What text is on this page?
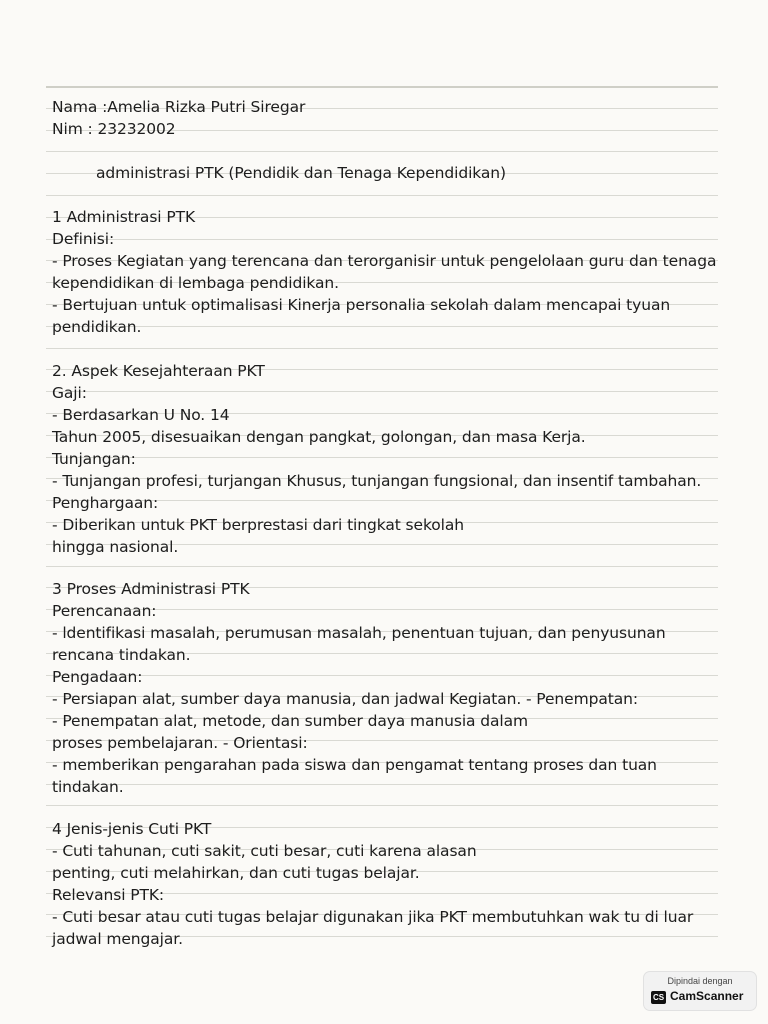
Nama :Amelia Rizka Putri Siregar
Nim : 23232002
administrasi PTK (Pendidik dan Tenaga Kependidikan)
1 Administrasi PTK
Definisi:
- Proses Kegiatan yang terencana dan terorganisir untuk pengelolaan guru dan tenaga
kependidikan di lembaga pendidikan.
- Bertujuan untuk optimalisasi Kinerja personalia sekolah dalam mencapai tyuan
pendidikan.
2. Aspek Kesejahteraan PKT
Gaji:
- Berdasarkan U No. 14
Tahun 2005, disesuaikan dengan pangkat, golongan, dan masa Kerja.
Tunjangan:
- Tunjangan profesi, turjangan Khusus, tunjangan fungsional, dan insentif tambahan.
Penghargaan:
- Diberikan untuk PKT berprestasi dari tingkat sekolah
hingga nasional.
3 Proses Administrasi PTK
Perencanaan:
- ldentifikasi masalah, perumusan masalah, penentuan tujuan, dan penyusunan
rencana tindakan.
Pengadaan:
- Persiapan alat, sumber daya manusia, dan jadwal Kegiatan. - Penempatan:
- Penempatan alat, metode, dan sumber daya manusia dalam
proses pembelajaran. - Orientasi:
- memberikan pengarahan pada siswa dan pengamat tentang proses dan tuan
tindakan.
4 Jenis-jenis Cuti PKT
- Cuti tahunan, cuti sakit, cuti besar, cuti karena alasan
penting, cuti melahirkan, dan cuti tugas belajar.
Relevansi PTK:
- Cuti besar atau cuti tugas belajar digunakan jika PKT membutuhkan wak tu di luar
jadwal mengajar.
Dipindai dengan
CS CamScanner
